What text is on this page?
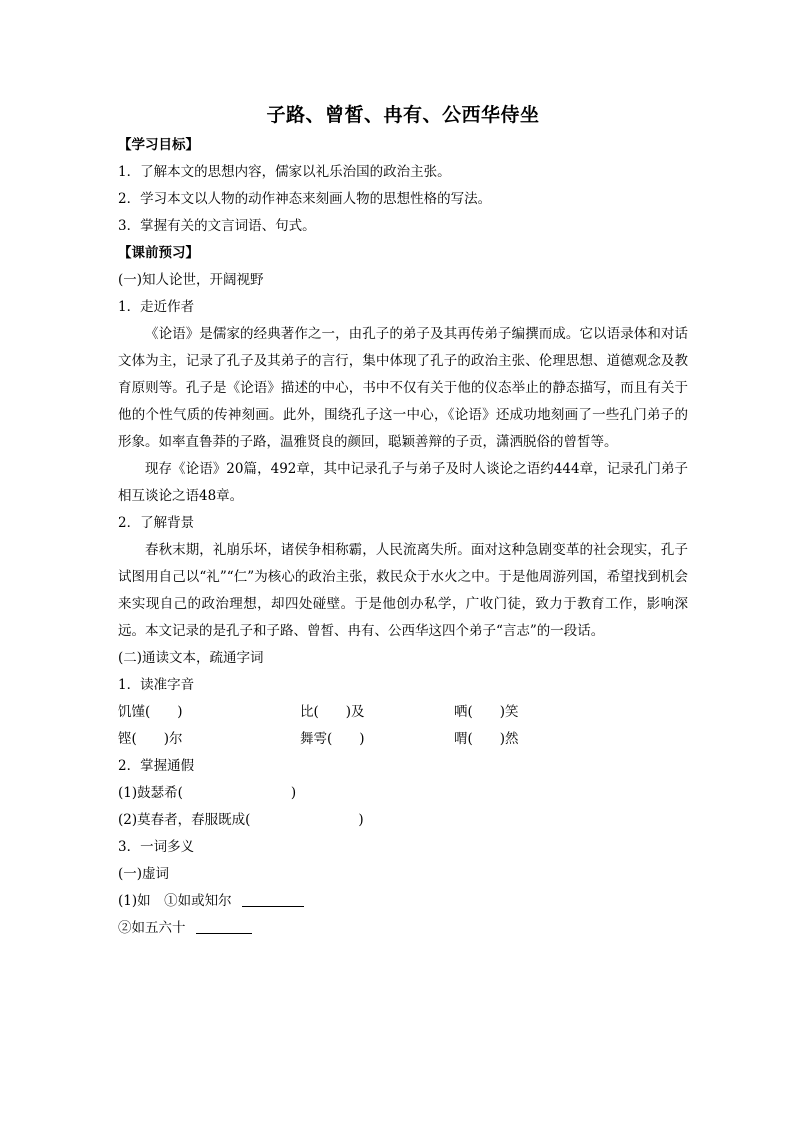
子路、曾皙、冉有、公西华侍坐
【学习目标】
1．了解本文的思想内容，儒家以礼乐治国的政治主张。
2．学习本文以人物的动作神态来刻画人物的思想性格的写法。
3．掌握有关的文言词语、句式。
【课前预习】
(一)知人论世，开阔视野
1．走近作者
《论语》是儒家的经典著作之一，由孔子的弟子及其再传弟子编撰而成。它以语录体和对话文体为主，记录了孔子及其弟子的言行，集中体现了孔子的政治主张、伦理思想、道德观念及教育原则等。孔子是《论语》描述的中心，书中不仅有关于他的仪态举止的静态描写，而且有关于他的个性气质的传神刻画。此外，围绕孔子这一中心，《论语》还成功地刻画了一些孔门弟子的形象。如率直鲁莽的子路，温雅贤良的颜回，聪颖善辩的子贡，潇洒脱俗的曾皙等。
现存《论语》20篇，492章，其中记录孔子与弟子及时人谈论之语约444章，记录孔门弟子相互谈论之语48章。
2．了解背景
春秋末期，礼崩乐坏，诸侯争相称霸，人民流离失所。面对这种急剧变革的社会现实，孔子试图用自己以“礼”“仁”为核心的政治主张，救民众于水火之中。于是他周游列国，希望找到机会来实现自己的政治理想，却四处碰壁。于是他创办私学，广收门徒，致力于教育工作，影响深远。本文记录的是孔子和子路、曾皙、冉有、公西华这四个弟子“言志”的一段话。
(二)通读文本，疏通字词
1．读准字音
饥馑(　　)	比(　　)及	哂(　　)笑
铿(　　)尔	舞雩(　　)	喟(　　)然
2．掌握通假
(1)鼓瑟希(　　　　　　　　)
(2)莫春者，春服既成(　　　　　　　　)
3．一词多义
(一)虚词
(1)如　①如或知尔
②如五六十
